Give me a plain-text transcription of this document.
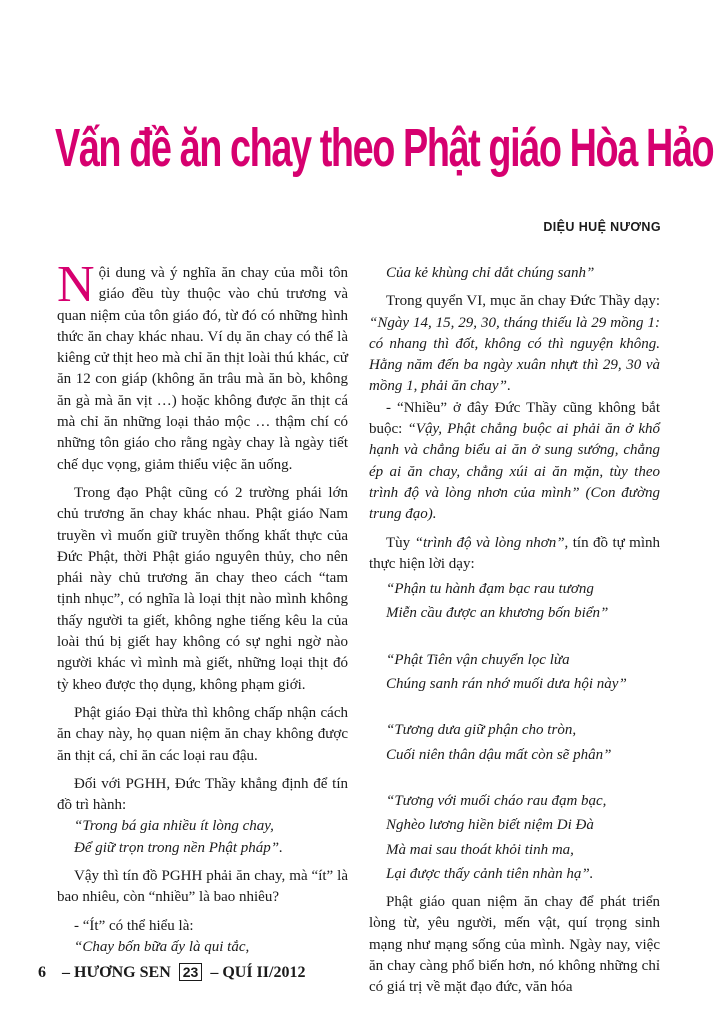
Vấn đề ăn chay theo Phật giáo Hòa Hảo
DIỆU HUỆ NƯƠNG

Nội dung và ý nghĩa ăn chay của mỗi tôn giáo đều tùy thuộc vào chủ trương và quan niệm của tôn giáo đó, từ đó có những hình thức ăn chay khác nhau. Ví dụ ăn chay có thể là kiêng cử thịt heo mà chỉ ăn thịt loài thú khác, cử ăn 12 con giáp (không ăn trâu mà ăn bò, không ăn gà mà ăn vịt …) hoặc không được ăn thịt cá mà chỉ ăn những loại thảo mộc … thậm chí có những tôn giáo cho rằng ngày chay là ngày tiết chế dục vọng, giảm thiểu việc ăn uống.

Trong đạo Phật cũng có 2 trường phái lớn chủ trương ăn chay khác nhau. Phật giáo Nam truyền vì muốn giữ truyền thống khất thực của Đức Phật, thời Phật giáo nguyên thủy, cho nên phái này chủ trương ăn chay theo cách “tam tịnh nhục”, có nghĩa là loại thịt nào mình không thấy người ta giết, không nghe tiếng kêu la của loài thú bị giết hay không có sự nghi ngờ nào người khác vì mình mà giết, những loại thịt đó tỳ kheo được thọ dụng, không phạm giới.

Phật giáo Đại thừa thì không chấp nhận cách ăn chay này, họ quan niệm ăn chay không được ăn thịt cá, chỉ ăn các loại rau đậu.

Đối với PGHH, Đức Thầy khẳng định để tín đồ trì hành:

“Trong bá gia nhiều ít lòng chay,

Để giữ trọn trong nền Phật pháp”.

Vậy thì tín đồ PGHH phải ăn chay, mà “ít” là bao nhiêu, còn “nhiều” là bao nhiêu?

- “Ít” có thể hiểu là:

“Chay bốn bữa ấy là qui tắc,

Của kẻ khùng chỉ dắt chúng sanh”

Trong quyển VI, mục ăn chay Đức Thầy dạy: “Ngày 14, 15, 29, 30, tháng thiếu là 29 mồng 1: có nhang thì đốt, không có thì nguyện không. Hằng năm đến ba ngày xuân nhựt thì 29, 30 và mồng 1, phải ăn chay”.

- “Nhiều” ở đây Đức Thầy cũng không bắt buộc: “Vậy, Phật chẳng buộc ai phải ăn ở khổ hạnh và chẳng biểu ai ăn ở sung sướng, chẳng ép ai ăn chay, chẳng xúi ai ăn mặn, tùy theo trình độ và lòng nhơn của mình” (Con đường trung đạo).

Tùy “trình độ và lòng nhơn”, tín đồ tự mình thực hiện lời dạy:

“Phận tu hành đạm bạc rau tương

Miễn cầu được an khương bốn biển”

“Phật Tiên vận chuyển lọc lừa

Chúng sanh rán nhớ muối dưa hội này”

“Tương dưa giữ phận cho tròn,

Cuối niên thân dậu mất còn sẽ phân”

“Tương với muối cháo rau đạm bạc,

Nghèo lương hiền biết niệm Di Đà

Mà mai sau thoát khỏi tinh ma,

Lại được thấy cảnh tiên nhàn hạ”.

Phật giáo quan niệm ăn chay để phát triển lòng từ, yêu người, mến vật, quí trọng sinh mạng như mạng sống của mình. Ngày nay, việc ăn chay càng phổ biến hơn, nó không những chỉ có giá trị về mặt đạo đức, văn hóa

6 – HƯƠNG SEN 23 – QUÍ II/2012
